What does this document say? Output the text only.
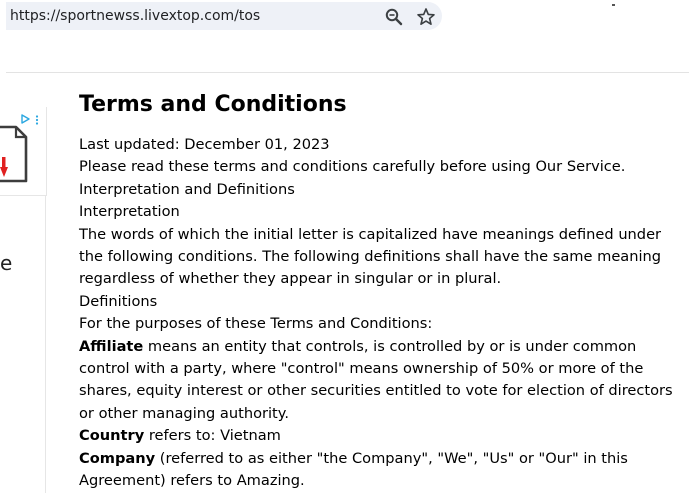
https://sportnewss.livextop.com/tos
e
Terms and Conditions

Last updated: December 01, 2023

Please read these terms and conditions carefully before using Our Service.

Interpretation and Definitions

Interpretation

The words of which the initial letter is capitalized have meanings defined under the following conditions. The following definitions shall have the same meaning regardless of whether they appear in singular or in plural.

Definitions

For the purposes of these Terms and Conditions:

Affiliate means an entity that controls, is controlled by or is under common control with a party, where "control" means ownership of 50% or more of the shares, equity interest or other securities entitled to vote for election of directors or other managing authority.

Country refers to: Vietnam

Company (referred to as either "the Company", "We", "Us" or "Our" in this Agreement) refers to Amazing.
